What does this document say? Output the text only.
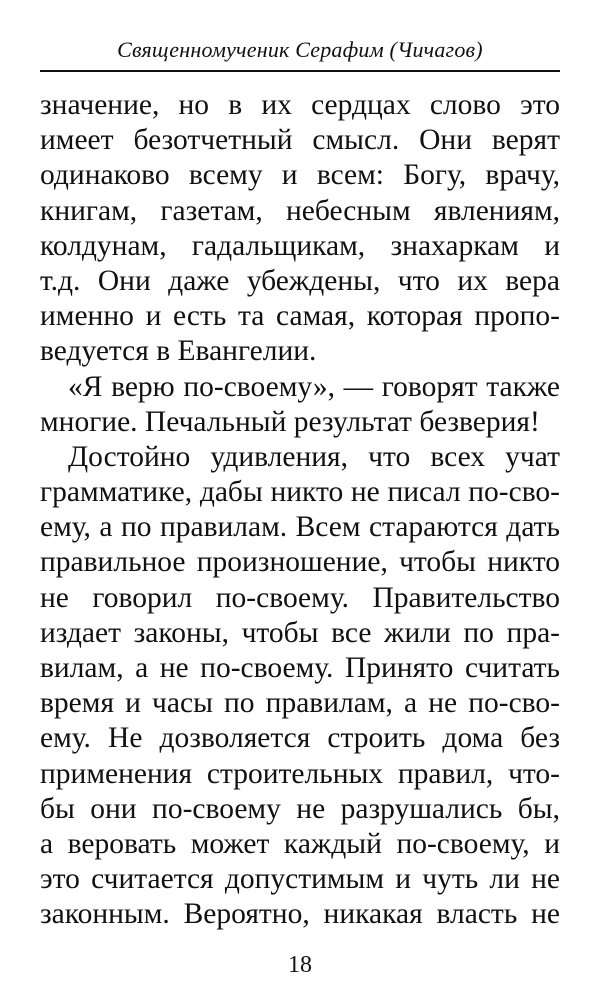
Священномученик Серафим (Чичагов)
значение, но в их сердцах слово это
имеет безотчетный смысл. Они верят
одинаково всему и всем: Богу, врачу,
книгам, газетам, небесным явлениям,
колдунам, гадальщикам, знахаркам и
т.д. Они даже убеждены, что их вера
именно и есть та самая, которая пропо-
ведуется в Евангелии.
«Я верю по-своему», — говорят также
многие. Печальный результат безверия!
Достойно удивления, что всех учат
грамматике, дабы никто не писал по-сво-
ему, а по правилам. Всем стараются дать
правильное произношение, чтобы никто
не говорил по-своему. Правительство
издает законы, чтобы все жили по пра-
вилам, а не по-своему. Принято считать
время и часы по правилам, а не по-сво-
ему. Не дозволяется строить дома без
применения строительных правил, что-
бы они по-своему не разрушались бы,
а веровать может каждый по-своему, и
это считается допустимым и чуть ли не
законным. Вероятно, никакая власть не
18
